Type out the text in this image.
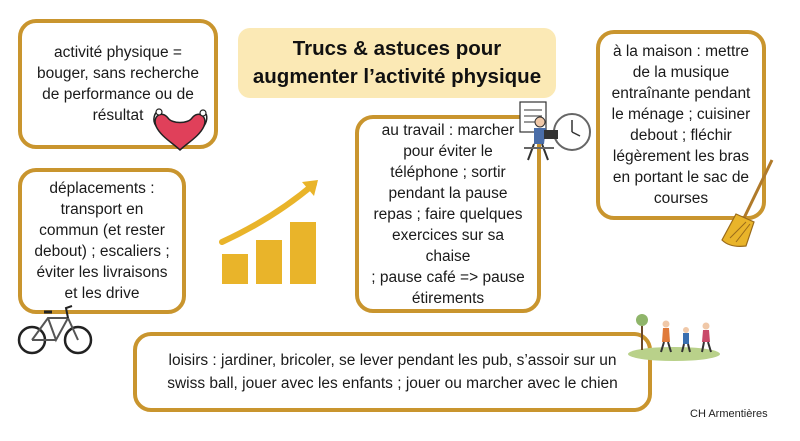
Trucs & astuces pour
augmenter l’activité physique
activité physique =
bouger, sans recherche
de performance ou de
résultat
déplacements :
transport en
commun (et rester
debout) ; escaliers ;
éviter les livraisons
et les drive
au travail : marcher
pour éviter le
téléphone ; sortir
pendant la pause
repas ; faire quelques
exercices sur sa chaise
; pause café => pause
étirements
à la maison : mettre
de la musique
entraînante pendant
le ménage ; cuisiner
debout ; fléchir
légèrement les bras
en portant le sac de
courses
loisirs : jardiner, bricoler, se lever pendant les pub, s’assoir sur un
swiss ball, jouer avec les enfants ; jouer ou marcher avec le chien
CH Armentières
